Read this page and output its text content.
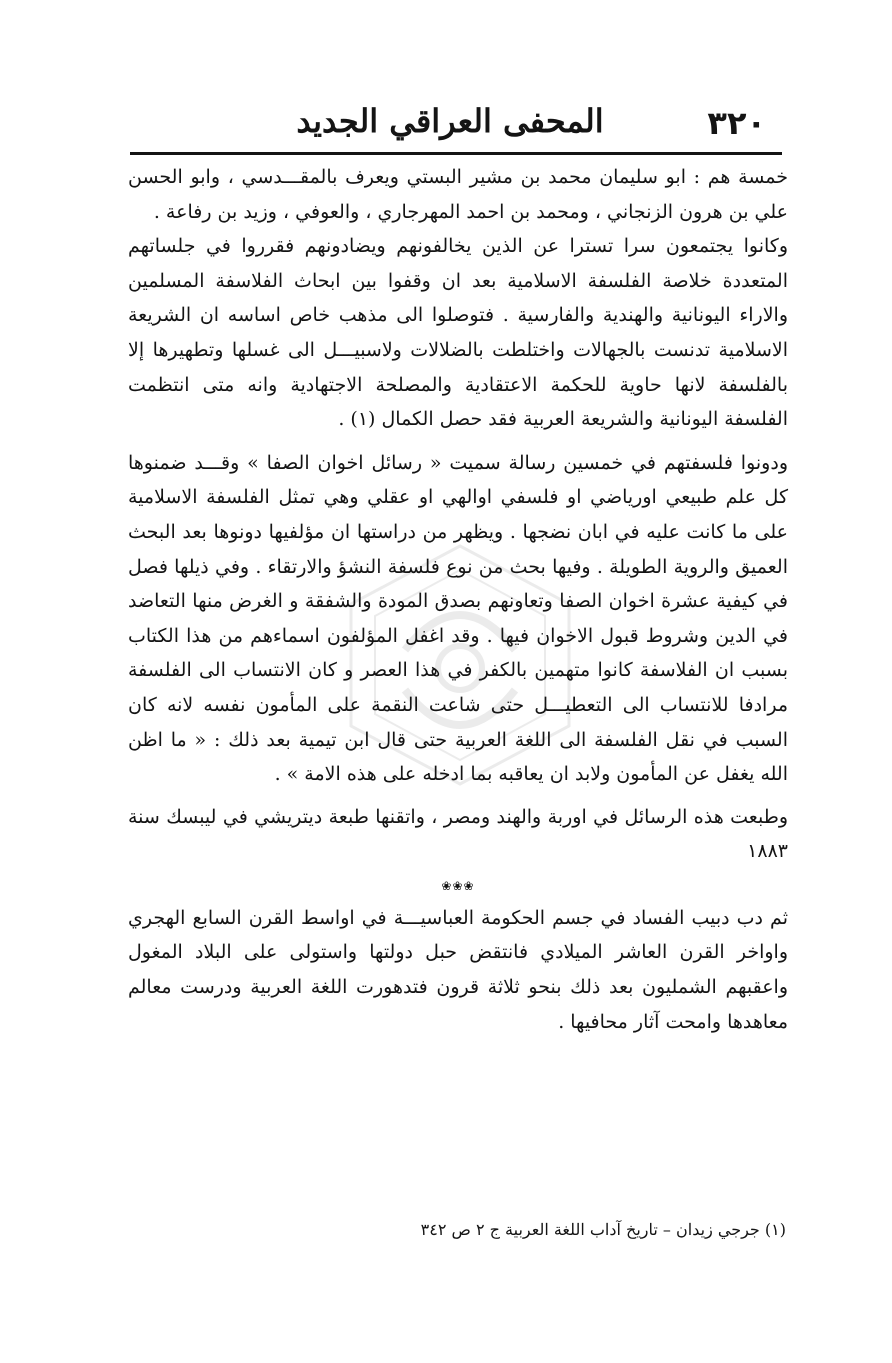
٣٢٠
المحفى العراقي الجديد

خمسة هم : ابو سليمان محمد بن مشير البستي ويعرف بالمقـــدسي ، وابو الحسن علي بن هرون الزنجاني ، ومحمد بن احمد المهرجاري ، والعوفي ، وزيد بن رفاعة .

وكانوا يجتمعون سرا تسترا عن الذين يخالفونهم ويضادونهم فقرروا في جلساتهم المتعددة خلاصة الفلسفة الاسلامية بعد ان وقفوا بين ابحاث الفلاسفة المسلمين والاراء اليونانية والهندية والفارسية . فتوصلوا الى مذهب خاص اساسه ان الشريعة الاسلامية تدنست بالجهالات واختلطت بالضلالات ولاسبيـــل الى غسلها وتطهيرها إلا بالفلسفة لانها حاوية للحكمة الاعتقادية والمصلحة الاجتهادية وانه متى انتظمت الفلسفة اليونانية والشريعة العربية فقد حصل الكمال (١) .

ودونوا فلسفتهم في خمسين رسالة سميت « رسائل اخوان الصفا » وقـــد ضمنوها كل علم طبيعي اورياضي او فلسفي اوالهي او عقلي وهي تمثل الفلسفة الاسلامية على ما كانت عليه في ابان نضجها . ويظهر من دراستها ان مؤلفيها دونوها بعد البحث العميق والروية الطويلة . وفيها بحث من نوع فلسفة النشؤ والارتقاء . وفي ذيلها فصل في كيفية عشرة اخوان الصفا وتعاونهم بصدق المودة والشفقة و الغرض منها التعاضد في الدين وشروط قبول الاخوان فيها . وقد اغفل المؤلفون اسماءهم من هذا الكتاب بسبب ان الفلاسفة كانوا متهمين بالكفر في هذا العصر و كان الانتساب الى الفلسفة مرادفا للانتساب الى التعطيـــل حتى شاعت النقمة على المأمون نفسه لانه كان السبب في نقل الفلسفة الى اللغة العربية حتى قال ابن تيمية بعد ذلك : « ما اظن الله يغفل عن المأمون ولابد ان يعاقبه بما ادخله على هذه الامة » .

وطبعت هذه الرسائل في اوربة والهند ومصر ، واتقنها طبعة ديتريشي في ليبسك سنة ١٨٨٣

❀❀❀

ثم دب دبيب الفساد في جسم الحكومة العباسيـــة في اواسط القرن السابع الهجري واواخر القرن العاشر الميلادي فانتقض حبل دولتها واستولى على البلاد المغول واعقبهم الشمليون بعد ذلك بنحو ثلاثة قرون فتدهورت اللغة العربية ودرست معالم معاهدها وامحت آثار محافيها .

(١) جرجي زيدان – تاريخ آداب اللغة العربية ج ٢ ص ٣٤٢
